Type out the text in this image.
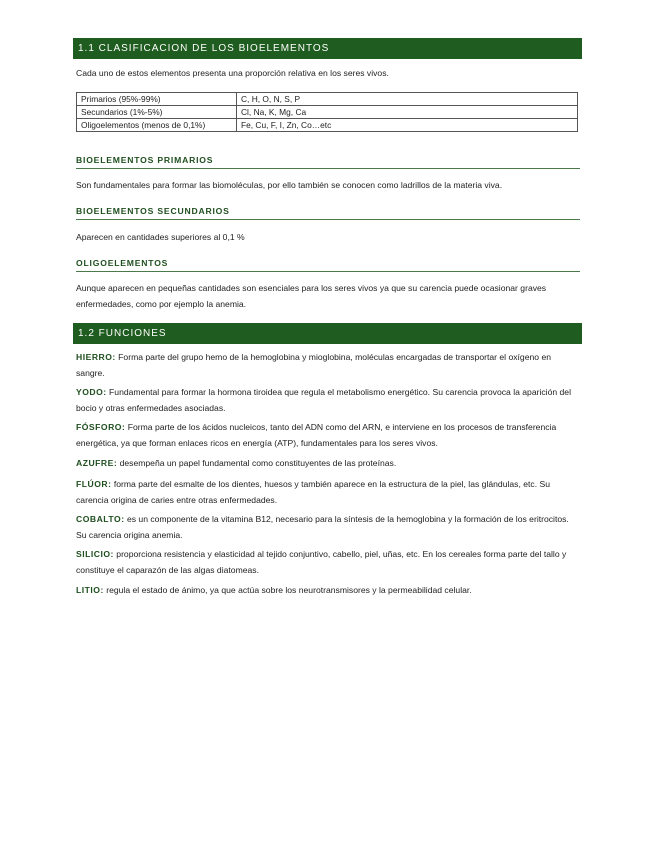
1.1 CLASIFICACION DE LOS BIOELEMENTOS
Cada uno de estos elementos presenta una proporción relativa en los seres vivos.
Primarios (95%-99%)	C, H, O, N, S, P
Secundarios (1%-5%)	Cl, Na, K, Mg, Ca
Oligoelementos (menos de 0,1%)	Fe, Cu, F, I, Zn, Co…etc
BIOELEMENTOS PRIMARIOS
Son fundamentales para formar las biomoléculas, por ello también se conocen como ladrillos de la materia viva.
BIOELEMENTOS SECUNDARIOS
Aparecen en cantidades superiores al 0,1 %
OLIGOELEMENTOS
Aunque aparecen en pequeñas cantidades son esenciales para los seres vivos ya que su carencia puede ocasionar graves enfermedades, como por ejemplo la anemia.
1.2 FUNCIONES
HIERRO: Forma parte del grupo hemo de la hemoglobina y mioglobina, moléculas encargadas de transportar el oxígeno en sangre.
YODO: Fundamental para formar la hormona tiroidea que regula el metabolismo energético. Su carencia provoca la aparición del bocio y otras enfermedades asociadas.
FÓSFORO: Forma parte de los ácidos nucleicos, tanto del ADN como del ARN, e interviene en los procesos de transferencia energética, ya que forman enlaces ricos en energía (ATP), fundamentales para los seres vivos.
AZUFRE: desempeña un papel fundamental como constituyentes de las proteínas.
FLÚOR: forma parte del esmalte de los dientes, huesos y también aparece en la estructura de la piel, las glándulas, etc. Su carencia origina de caries entre otras enfermedades.
COBALTO: es un componente de la vitamina B12, necesario para la síntesis de la hemoglobina y la formación de los eritrocitos. Su carencia origina anemia.
SILICIO: proporciona resistencia y elasticidad al tejido conjuntivo, cabello, piel, uñas, etc. En los cereales forma parte del tallo y constituye el caparazón de las algas diatomeas.
LITIO: regula el estado de ánimo, ya que actúa sobre los neurotransmisores y la permeabilidad celular.
